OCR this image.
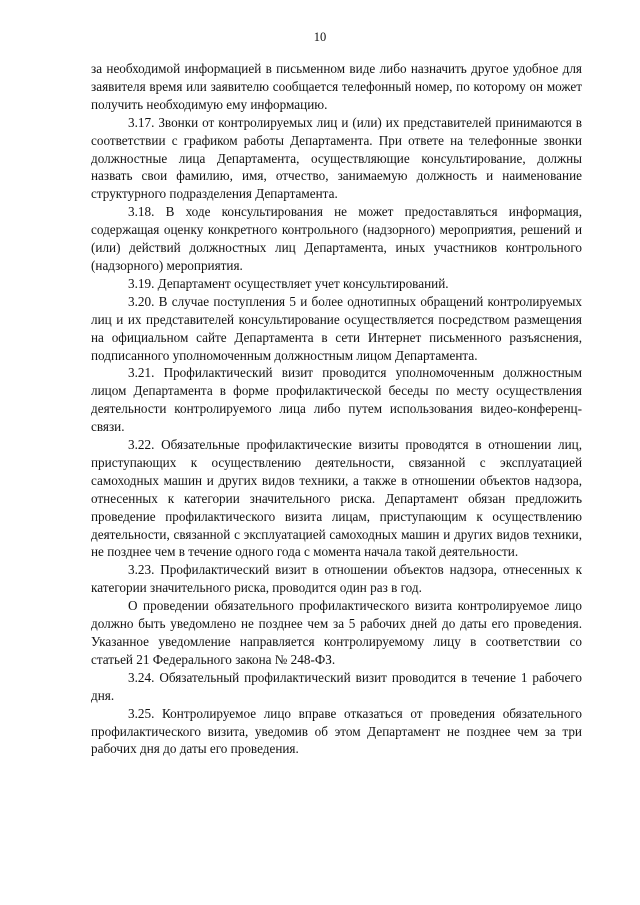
10

за необходимой информацией в письменном виде либо назначить другое удобное для заявителя время или заявителю сообщается телефонный номер, по которому он может получить необходимую ему информацию.

3.17. Звонки от контролируемых лиц и (или) их представителей принимаются в соответствии с графиком работы Департамента. При ответе на телефонные звонки должностные лица Департамента, осуществляющие консультирование, должны назвать свои фамилию, имя, отчество, занимаемую должность и наименование структурного подразделения Департамента.

3.18. В ходе консультирования не может предоставляться информация, содержащая оценку конкретного контрольного (надзорного) мероприятия, решений и (или) действий должностных лиц Департамента, иных участников контрольного (надзорного) мероприятия.

3.19. Департамент осуществляет учет консультирований.

3.20. В случае поступления 5 и более однотипных обращений контролируемых лиц и их представителей консультирование осуществляется посредством размещения на официальном сайте Департамента в сети Интернет письменного разъяснения, подписанного уполномоченным должностным лицом Департамента.

3.21. Профилактический визит проводится уполномоченным должностным лицом Департамента в форме профилактической беседы по месту осуществления деятельности контролируемого лица либо путем использования видео-конференц-связи.

3.22. Обязательные профилактические визиты проводятся в отношении лиц, приступающих к осуществлению деятельности, связанной с эксплуатацией самоходных машин и других видов техники, а также в отношении объектов надзора, отнесенных к категории значительного риска. Департамент обязан предложить проведение профилактического визита лицам, приступающим к осуществлению деятельности, связанной с эксплуатацией самоходных машин и других видов техники, не позднее чем в течение одного года с момента начала такой деятельности.

3.23. Профилактический визит в отношении объектов надзора, отнесенных к категории значительного риска, проводится один раз в год.

О проведении обязательного профилактического визита контролируемое лицо должно быть уведомлено не позднее чем за 5 рабочих дней до даты его проведения. Указанное уведомление направляется контролируемому лицу в соответствии со статьей 21 Федерального закона № 248-ФЗ.

3.24. Обязательный профилактический визит проводится в течение 1 рабочего дня.

3.25. Контролируемое лицо вправе отказаться от проведения обязательного профилактического визита, уведомив об этом Департамент не позднее чем за три рабочих дня до даты его проведения.
